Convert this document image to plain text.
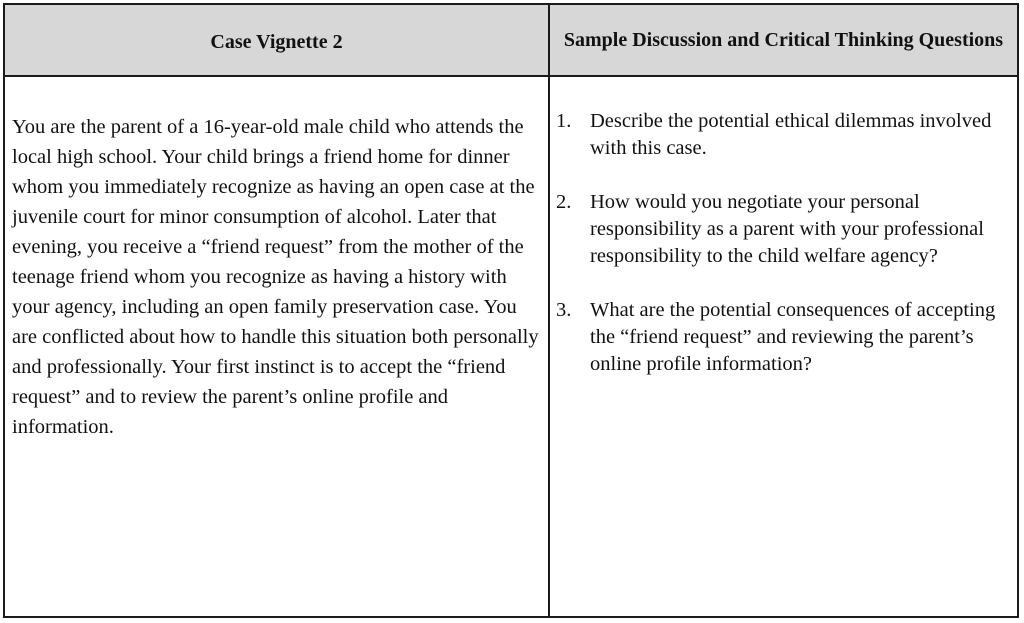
Case Vignette 2	Sample Discussion and Critical Thinking Questions
You are the parent of a 16-year-old male child who attends the local high school. Your child brings a friend home for dinner whom you immediately recognize as having an open case at the juvenile court for minor consumption of alcohol. Later that evening, you receive a “friend request” from the mother of the teenage friend whom you recognize as having a history with your agency, including an open family preservation case. You are conflicted about how to handle this situation both personally and professionally. Your first instinct is to accept the “friend request” and to review the parent’s online profile and information.
1. Describe the potential ethical dilemmas involved with this case.
2. How would you negotiate your personal responsibility as a parent with your professional responsibility to the child welfare agency?
3. What are the potential consequences of accepting the “friend request” and reviewing the parent’s online profile information?
